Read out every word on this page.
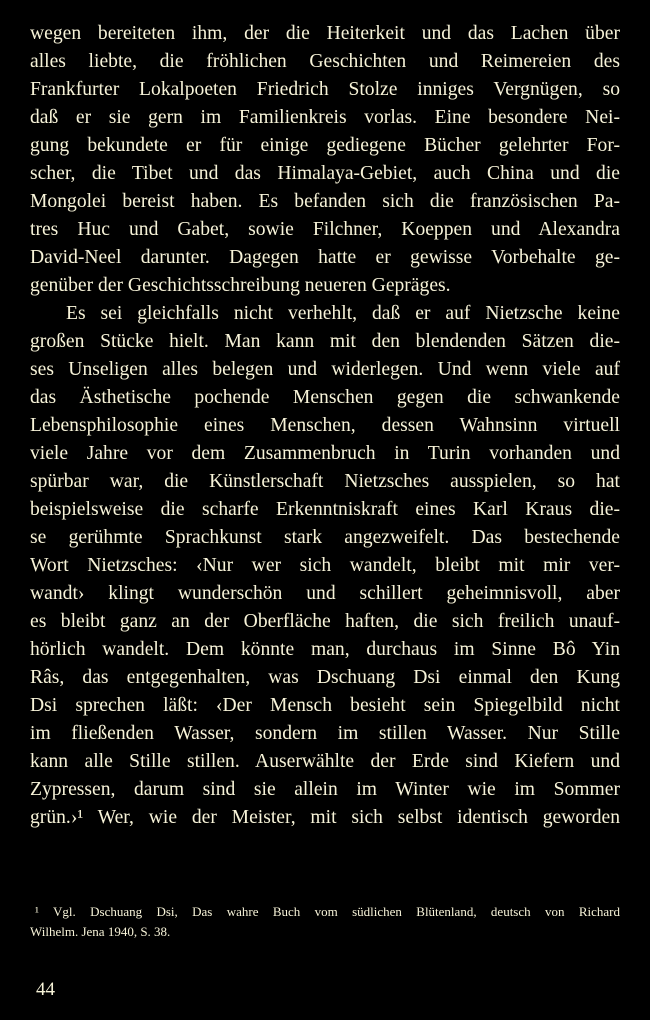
wegen bereiteten ihm, der die Heiterkeit und das Lachen über
alles liebte, die fröhlichen Geschichten und Reimereien des
Frankfurter Lokalpoeten Friedrich Stolze inniges Vergnügen, so
daß er sie gern im Familienkreis vorlas. Eine besondere Nei-
gung bekundete er für einige gediegene Bücher gelehrter For-
scher, die Tibet und das Himalaya-Gebiet, auch China und die
Mongolei bereist haben. Es befanden sich die französischen Pa-
tres Huc und Gabet, sowie Filchner, Koeppen und Alexandra
David-Neel darunter. Dagegen hatte er gewisse Vorbehalte ge-
genüber der Geschichtsschreibung neueren Gepräges.
Es sei gleichfalls nicht verhehlt, daß er auf Nietzsche keine
großen Stücke hielt. Man kann mit den blendenden Sätzen die-
ses Unseligen alles belegen und widerlegen. Und wenn viele auf
das Ästhetische pochende Menschen gegen die schwankende
Lebensphilosophie eines Menschen, dessen Wahnsinn virtuell
viele Jahre vor dem Zusammenbruch in Turin vorhanden und
spürbar war, die Künstlerschaft Nietzsches ausspielen, so hat
beispielsweise die scharfe Erkenntniskraft eines Karl Kraus die-
se gerühmte Sprachkunst stark angezweifelt. Das bestechende
Wort Nietzsches: ‹Nur wer sich wandelt, bleibt mit mir ver-
wandt› klingt wunderschön und schillert geheimnisvoll, aber
es bleibt ganz an der Oberfläche haften, die sich freilich unauf-
hörlich wandelt. Dem könnte man, durchaus im Sinne Bô Yin
Râs, das entgegenhalten, was Dschuang Dsi einmal den Kung
Dsi sprechen läßt: ‹Der Mensch besieht sein Spiegelbild nicht
im fließenden Wasser, sondern im stillen Wasser. Nur Stille
kann alle Stille stillen. Auserwählte der Erde sind Kiefern und
Zypressen, darum sind sie allein im Winter wie im Sommer
grün.›¹ Wer, wie der Meister, mit sich selbst identisch geworden
¹ Vgl. Dschuang Dsi, Das wahre Buch vom südlichen Blütenland, deutsch von Richard
Wilhelm. Jena 1940, S. 38.
44
